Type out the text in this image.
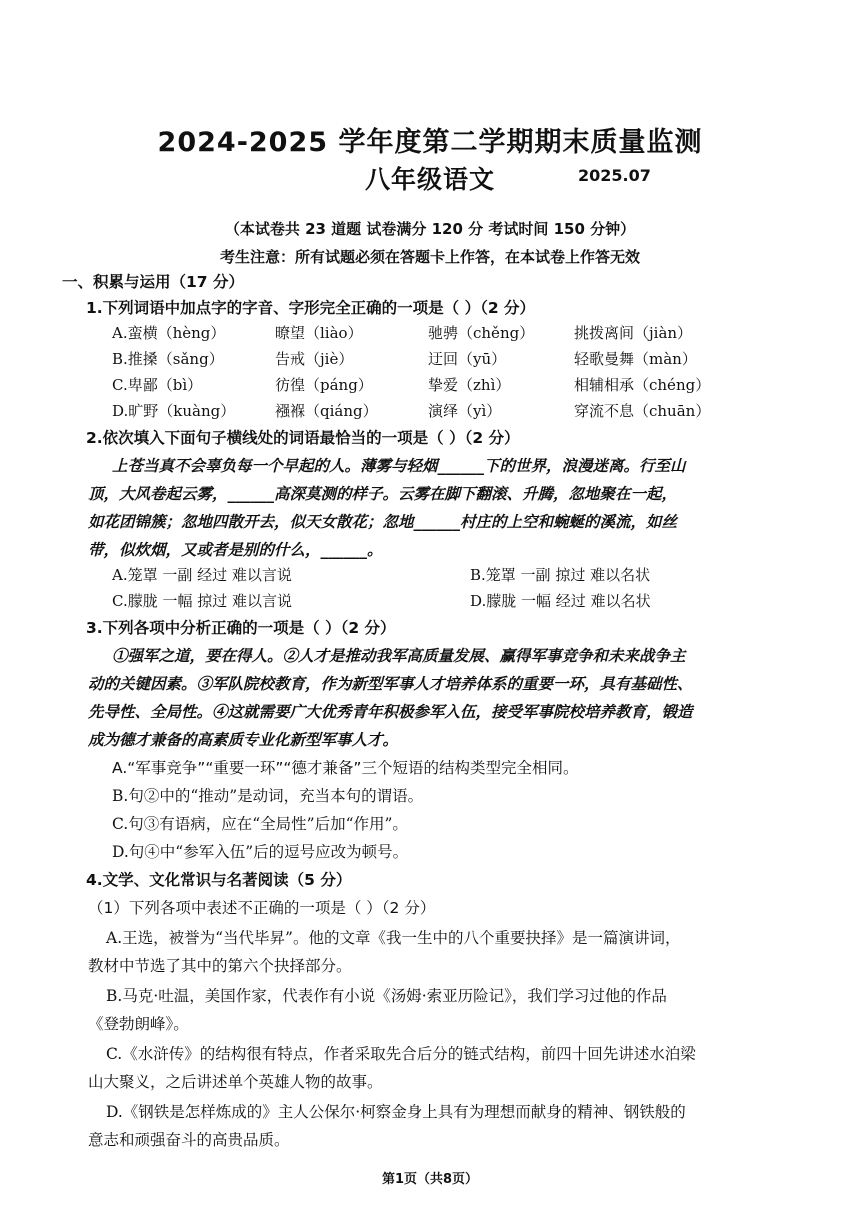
2024-2025 学年度第二学期期末质量监测
八年级语文	2025.07
（本试卷共 23 道题 试卷满分 120 分 考试时间 150 分钟）
考生注意：所有试题必须在答题卡上作答，在本试卷上作答无效
一、积累与运用（17 分）
1.下列词语中加点字的字音、字形完全正确的一项是（ ）（2 分）
A.蛮横（hèng）	暸望（liào）	驰骋（chěng）	挑拨离间（jiàn）
B.推搡（sǎng）	告戒（jiè）	迂回（yū）	轻歌曼舞（màn）
C.卑鄙（bì）	彷徨（páng）	挚爱（zhì）	相辅相承（chéng）
D.旷野（kuàng）	襁褓（qiáng）	演绎（yì）	穿流不息（chuān）
2.依次填入下面句子横线处的词语最恰当的一项是（ ）（2 分）
上苍当真不会辜负每一个早起的人。薄雾与轻烟______下的世界，浪漫迷离。行至山
顶，大风卷起云雾，______高深莫测的样子。云雾在脚下翻滚、升腾，忽地聚在一起，
如花团锦簇；忽地四散开去，似天女散花；忽地______村庄的上空和蜿蜒的溪流，如丝
带，似炊烟，又或者是别的什么，______。
A.笼罩 一副 经过 难以言说	B.笼罩 一副 掠过 难以名状
C.朦胧 一幅 掠过 难以言说	D.朦胧 一幅 经过 难以名状
3.下列各项中分析正确的一项是（ ）（2 分）
①强军之道，要在得人。②人才是推动我军高质量发展、赢得军事竞争和未来战争主
动的关键因素。③军队院校教育，作为新型军事人才培养体系的重要一环，具有基础性、
先导性、全局性。④这就需要广大优秀青年积极参军入伍，接受军事院校培养教育，锻造
成为德才兼备的高素质专业化新型军事人才。
A.“军事竞争”“重要一环”“德才兼备”三个短语的结构类型完全相同。
B.句②中的“推动”是动词，充当本句的谓语。
C.句③有语病，应在“全局性”后加“作用”。
D.句④中“参军入伍”后的逗号应改为顿号。
4.文学、文化常识与名著阅读（5 分）
（1）下列各项中表述不正确的一项是（ ）（2 分）
A.王选，被誉为“当代毕昇”。他的文章《我一生中的八个重要抉择》是一篇演讲词，
教材中节选了其中的第六个抉择部分。
B.马克·吐温，美国作家，代表作有小说《汤姆·索亚历险记》，我们学习过他的作品
《登勃朗峰》。
C.《水浒传》的结构很有特点，作者采取先合后分的链式结构，前四十回先讲述水泊梁
山大聚义，之后讲述单个英雄人物的故事。
D.《钢铁是怎样炼成的》主人公保尔·柯察金身上具有为理想而献身的精神、钢铁般的
意志和顽强奋斗的高贵品质。
第1页（共8页）
